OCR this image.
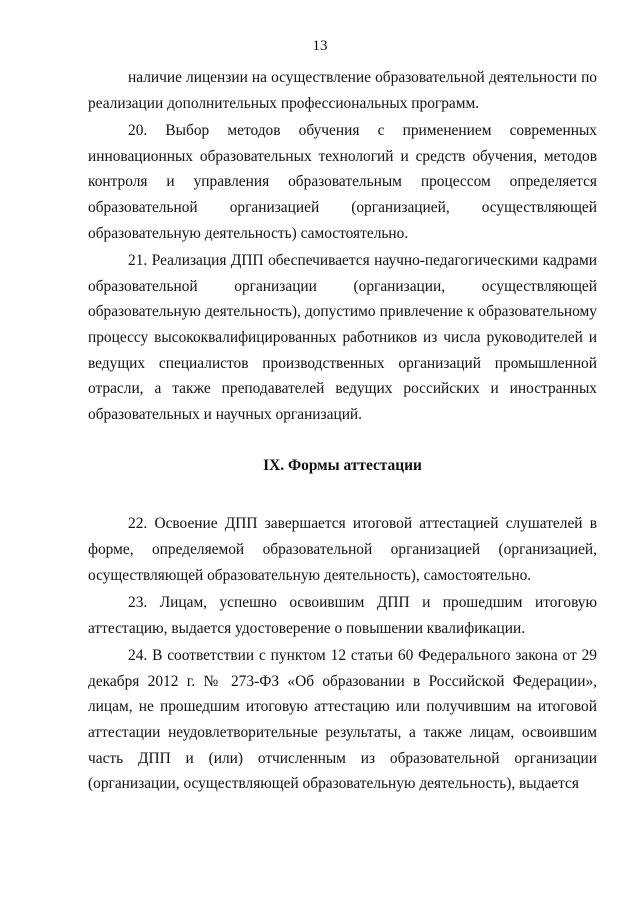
13

наличие лицензии на осуществление образовательной деятельности по реализации дополнительных профессиональных программ.

20. Выбор методов обучения с применением современных инновационных образовательных технологий и средств обучения, методов контроля и управления образовательным процессом определяется образовательной организацией (организацией, осуществляющей образовательную деятельность) самостоятельно.

21. Реализация ДПП обеспечивается научно-педагогическими кадрами образовательной организации (организации, осуществляющей образовательную деятельность), допустимо привлечение к образовательному процессу высококвалифицированных работников из числа руководителей и ведущих специалистов производственных организаций промышленной отрасли, а также преподавателей ведущих российских и иностранных образовательных и научных организаций.

IX. Формы аттестации

22. Освоение ДПП завершается итоговой аттестацией слушателей в форме, определяемой образовательной организацией (организацией, осуществляющей образовательную деятельность), самостоятельно.

23. Лицам, успешно освоившим ДПП и прошедшим итоговую аттестацию, выдается удостоверение о повышении квалификации.

24. В соответствии с пунктом 12 статьи 60 Федерального закона от 29 декабря 2012 г. № 273-ФЗ «Об образовании в Российской Федерации», лицам, не прошедшим итоговую аттестацию или получившим на итоговой аттестации неудовлетворительные результаты, а также лицам, освоившим часть ДПП и (или) отчисленным из образовательной организации (организации, осуществляющей образовательную деятельность), выдается
